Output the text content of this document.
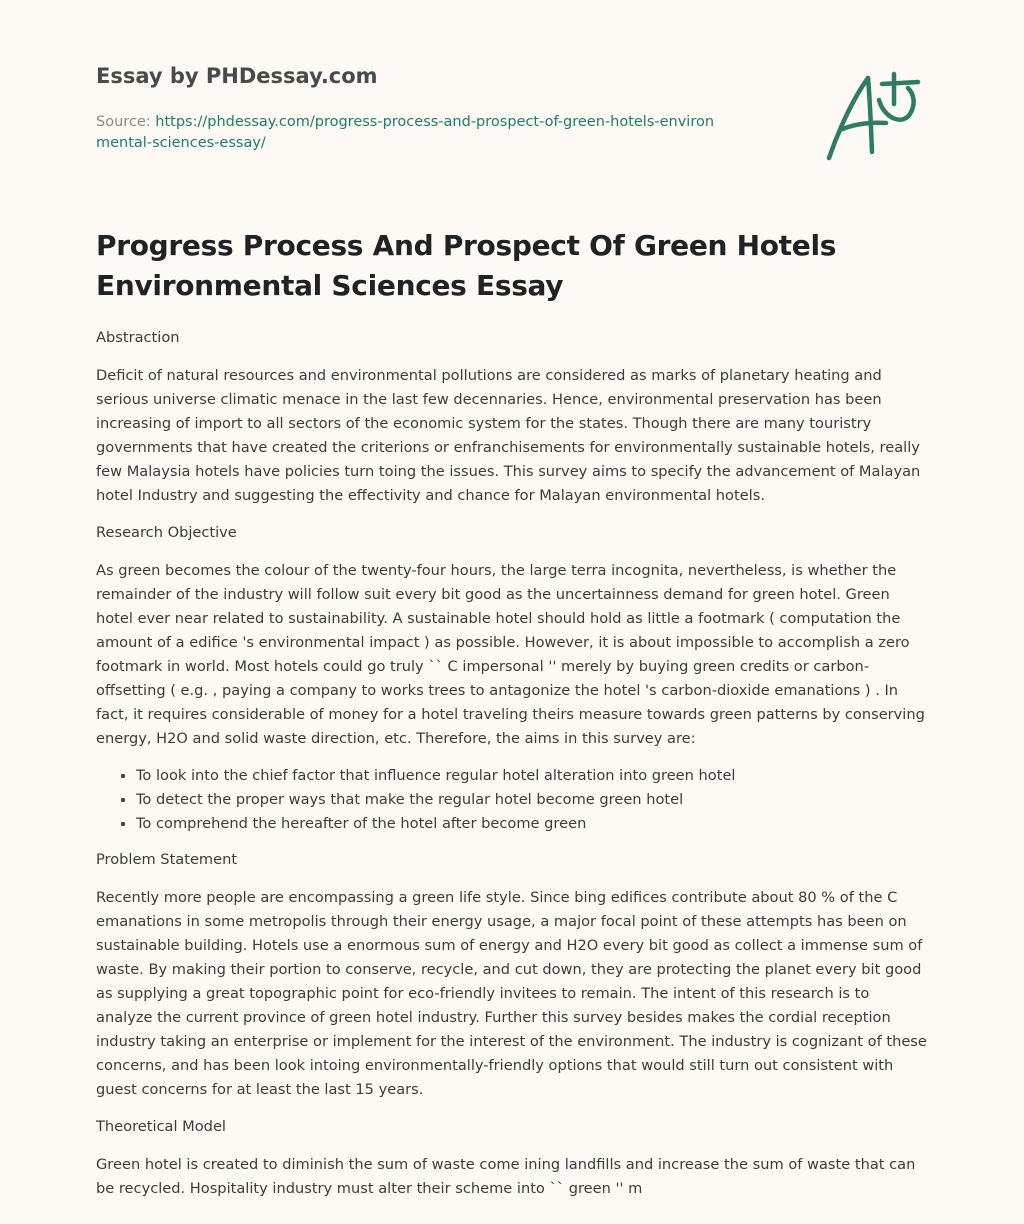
Essay by PHDessay.com
Source: https://phdessay.com/progress-process-and-prospect-of-green-hotels-environmental-sciences-essay/
Progress Process And Prospect Of Green Hotels Environmental Sciences Essay
Abstraction

Deficit of natural resources and environmental pollutions are considered as marks of planetary heating and serious universe climatic menace in the last few decennaries. Hence, environmental preservation has been increasing of import to all sectors of the economic system for the states. Though there are many touristry governments that have created the criterions or enfranchisements for environmentally sustainable hotels, really few Malaysia hotels have policies turn toing the issues. This survey aims to specify the advancement of Malayan hotel Industry and suggesting the effectivity and chance for Malayan environmental hotels.

Research Objective

As green becomes the colour of the twenty-four hours, the large terra incognita, nevertheless, is whether the remainder of the industry will follow suit every bit good as the uncertainness demand for green hotel. Green hotel ever near related to sustainability. A sustainable hotel should hold as little a footmark ( computation the amount of a edifice 's environmental impact ) as possible. However, it is about impossible to accomplish a zero footmark in world. Most hotels could go truly `` C impersonal '' merely by buying green credits or carbon-offsetting ( e.g. , paying a company to works trees to antagonize the hotel 's carbon-dioxide emanations ) . In fact, it requires considerable of money for a hotel traveling theirs measure towards green patterns by conserving energy, H2O and solid waste direction, etc. Therefore, the aims in this survey are:

• To look into the chief factor that influence regular hotel alteration into green hotel
• To detect the proper ways that make the regular hotel become green hotel
• To comprehend the hereafter of the hotel after become green
Problem Statement

Recently more people are encompassing a green life style. Since bing edifices contribute about 80 % of the C emanations in some metropolis through their energy usage, a major focal point of these attempts has been on sustainable building. Hotels use a enormous sum of energy and H2O every bit good as collect a immense sum of waste. By making their portion to conserve, recycle, and cut down, they are protecting the planet every bit good as supplying a great topographic point for eco-friendly invitees to remain. The intent of this research is to analyze the current province of green hotel industry. Further this survey besides makes the cordial reception industry taking an enterprise or implement for the interest of the environment. The industry is cognizant of these concerns, and has been look intoing environmentally-friendly options that would still turn out consistent with guest concerns for at least the last 15 years.

Theoretical Model

Green hotel is created to diminish the sum of waste come ining landfills and increase the sum of waste that can be recycled. Hospitality industry must alter their scheme into `` green '' m
